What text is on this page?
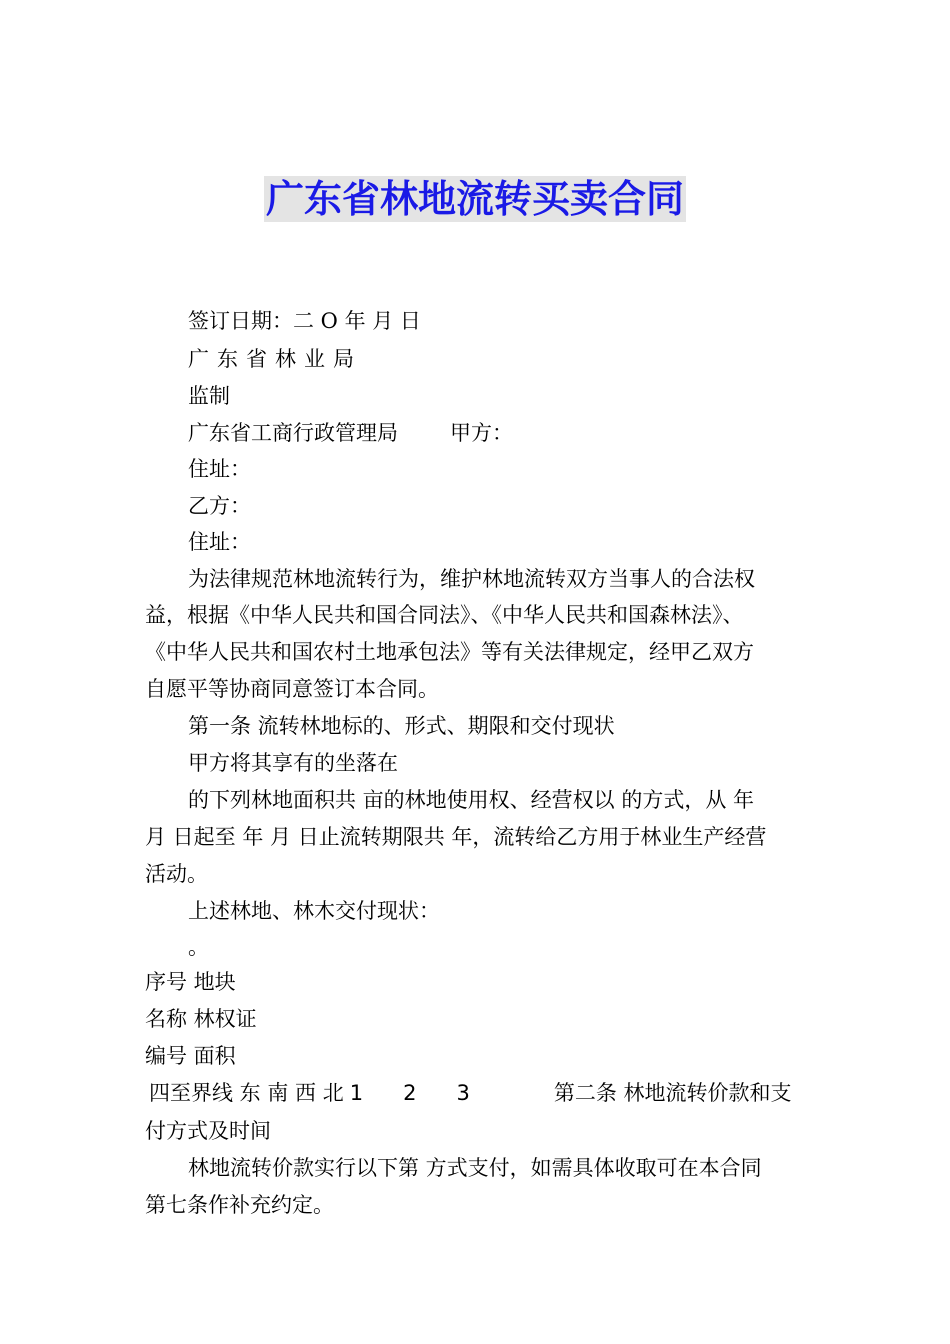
广东省林地流转买卖合同
签订日期：二 O 年 月 日
广东省林业局
监制
广东省工商行政管理局 甲方：
住址：
乙方：
住址：
为法律规范林地流转行为，维护林地流转双方当事人的合法权
益，根据《中华人民共和国合同法》、《中华人民共和国森林法》、
《中华人民共和国农村土地承包法》等有关法律规定，经甲乙双方
自愿平等协商同意签订本合同。
第一条 流转林地标的、形式、期限和交付现状
甲方将其享有的坐落在
的下列林地面积共 亩的林地使用权、经营权以 的方式，从 年
月 日起至 年 月 日止流转期限共 年，流转给乙方用于林业生产经营
活动。
上述林地、林木交付现状：
。
序号 地块
名称 林权证
编号 面积
四至界线 东 南 西 北 1 2 3	第二条 林地流转价款和支
付方式及时间
林地流转价款实行以下第 方式支付，如需具体收取可在本合同
第七条作补充约定。
